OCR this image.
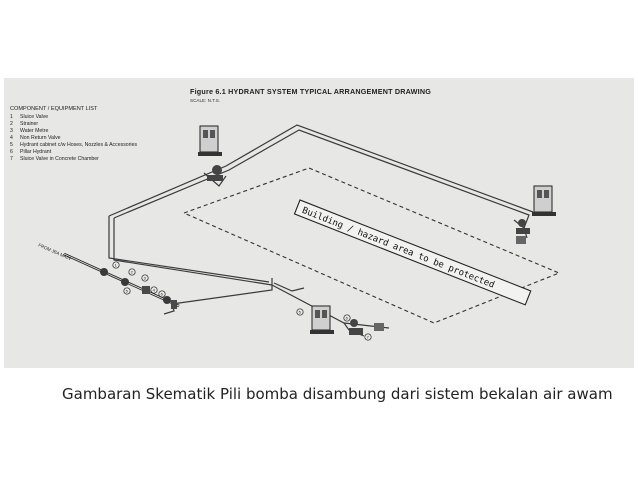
Figure 6.1 HYDRANT SYSTEM TYPICAL ARRANGEMENT DRAWING
SCALE: N.T.S.
COMPONENT / EQUIPMENT LIST
1 Sluice Valve
2 Strainer
3 Water Metre
4 Non Return Valve
5 Hydrant cabinet c/w Hoses, Nozzles & Accessories
6 Pillar Hydrant
7 Sluice Valve in Concrete Chamber
Building / hazard area to be protected
FROM JBA MAIN
1
2
3
4
5
6
5
6
7
Gambaran Skematik Pili bomba disambung dari sistem bekalan air awam
